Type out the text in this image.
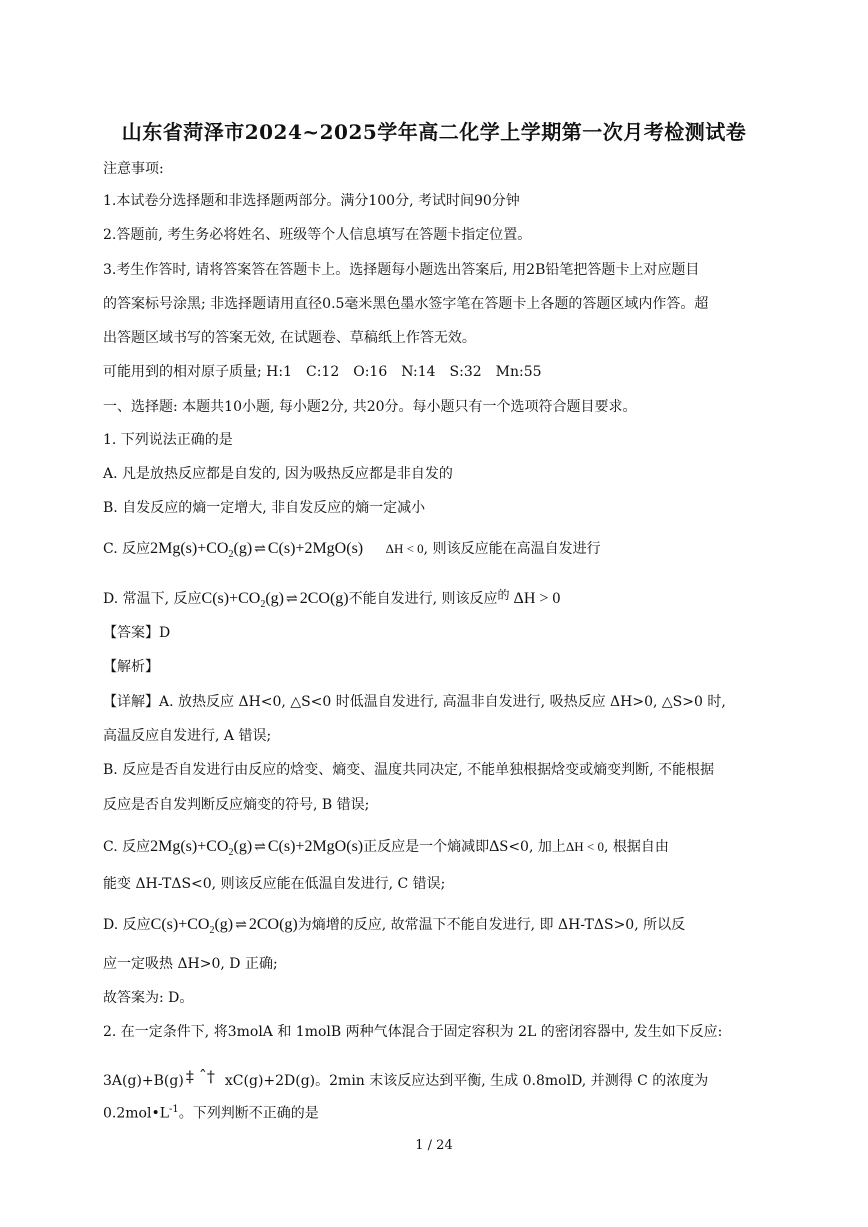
山东省菏泽市2024~2025学年高二化学上学期第一次月考检测试卷
注意事项:
1.本试卷分选择题和非选择题两部分。满分100分, 考试时间90分钟
2.答题前, 考生务必将姓名、班级等个人信息填写在答题卡指定位置。
3.考生作答时, 请将答案答在答题卡上。选择题每小题选出答案后, 用2B铅笔把答题卡上对应题目
的答案标号涂黑; 非选择题请用直径0.5毫米黑色墨水签字笔在答题卡上各题的答题区域内作答。超
出答题区域书写的答案无效, 在试题卷、草稿纸上作答无效。
可能用到的相对原子质量; H:1　C:12　O:16　N:14　S:32　Mn:55
一、选择题: 本题共10小题, 每小题2分, 共20分。每小题只有一个选项符合题目要求。
1. 下列说法正确的是
A. 凡是放热反应都是自发的, 因为吸热反应都是非自发的
B. 自发反应的熵一定增大, 非自发反应的熵一定减小
C. 反应$2Mg(s)+CO_2(g)$ ⇌ C(s)+2MgO(s) ΔH < 0, 则该反应能在高温自发进行
D. 常温下, 反应$C(s)+CO_2(g)$ ⇌ 2CO(g)不能自发进行, 则该反应的 ΔH > 0
【答案】D
【解析】
【详解】A. 放热反应 ΔH<0, △S<0 时低温自发进行, 高温非自发进行, 吸热反应 ΔH>0, △S>0 时,
高温反应自发进行, A 错误;
B. 反应是否自发进行由反应的焓变、熵变、温度共同决定, 不能单独根据焓变或熵变判断, 不能根据
反应是否自发判断反应熵变的符号, B 错误;
C. 反应$2Mg(s)+CO_2(g)$ ⇌ C(s)+2MgO(s)正反应是一个熵减即ΔS<0, 加上ΔH < 0, 根据自由
能变 ΔH-TΔS<0, 则该反应能在低温自发进行, C 错误;
D. 反应$C(s)+CO_2(g)$ ⇌ 2CO(g)为熵增的反应, 故常温下不能自发进行, 即 ΔH-TΔS>0, 所以反
应一定吸热 ΔH>0, D 正确;
故答案为: D。
2. 在一定条件下, 将3molA 和 1molB 两种气体混合于固定容积为 2L 的密闭容器中, 发生如下反应:
3A(g)+B(g) ‡ ˆ† xC(g)+2D(g)。2min 末该反应达到平衡, 生成 0.8molD, 并测得 C 的浓度为
$0.2mol•L^{-1}$。下列判断不正确的是
1 / 24
